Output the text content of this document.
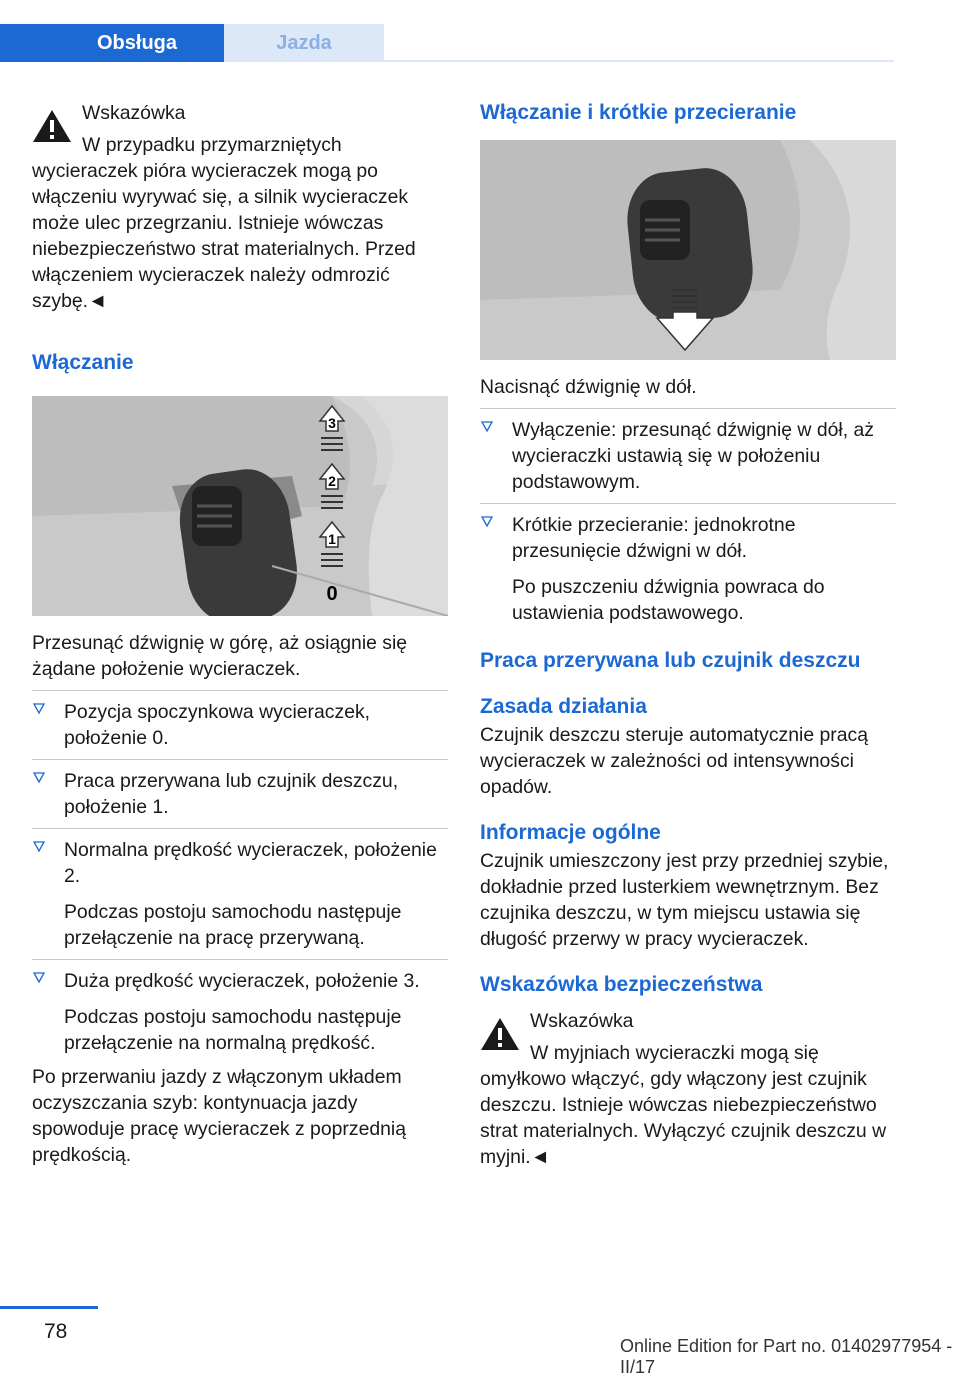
Obsługa	Jazda

Wskazówka

W przypadku przymarzniętych wycieraczek pióra wycieraczek mogą po włączeniu wyrywać się, a silnik wycieraczek może ulec przegrzaniu. Istnieje wówczas niebezpieczeństwo strat materialnych. Przed włączeniem wycieraczek należy odmrozić szybę.◄

Włączanie
3
2
1
0

Przesunąć dźwignię w górę, aż osiągnie się żądane położenie wycieraczek.

Pozycja spoczynkowa wycieraczek, położenie 0.

Praca przerywana lub czujnik deszczu, położenie 1.

Normalna prędkość wycieraczek, położenie 2.

Podczas postoju samochodu następuje przełączenie na pracę przerywaną.

Duża prędkość wycieraczek, położenie 3.

Podczas postoju samochodu następuje przełączenie na normalną prędkość.

Po przerwaniu jazdy z włączonym układem oczyszczania szyb: kontynuacja jazdy spowoduje pracę wycieraczek z poprzednią prędkością.

Włączanie i krótkie przecieranie

Nacisnąć dźwignię w dół.

Wyłączenie: przesunąć dźwignię w dół, aż wycieraczki ustawią się w położeniu podstawowym.

Krótkie przecieranie: jednokrotne przesunięcie dźwigni w dół.

Po puszczeniu dźwignia powraca do ustawienia podstawowego.

Praca przerywana lub czujnik deszczu
Zasada działania

Czujnik deszczu steruje automatycznie pracą wycieraczek w zależności od intensywności opadów.

Informacje ogólne

Czujnik umieszczony jest przy przedniej szybie, dokładnie przed lusterkiem wewnętrznym. Bez czujnika deszczu, w tym miejscu ustawia się długość przerwy w pracy wycieraczek.

Wskazówka bezpieczeństwa

Wskazówka

W myjniach wycieraczki mogą się omyłkowo włączyć, gdy włączony jest czujnik deszczu. Istnieje wówczas niebezpieczeństwo strat materialnych. Wyłączyć czujnik deszczu w myjni.◄

78
Online Edition for Part no. 01402977954 - II/17
